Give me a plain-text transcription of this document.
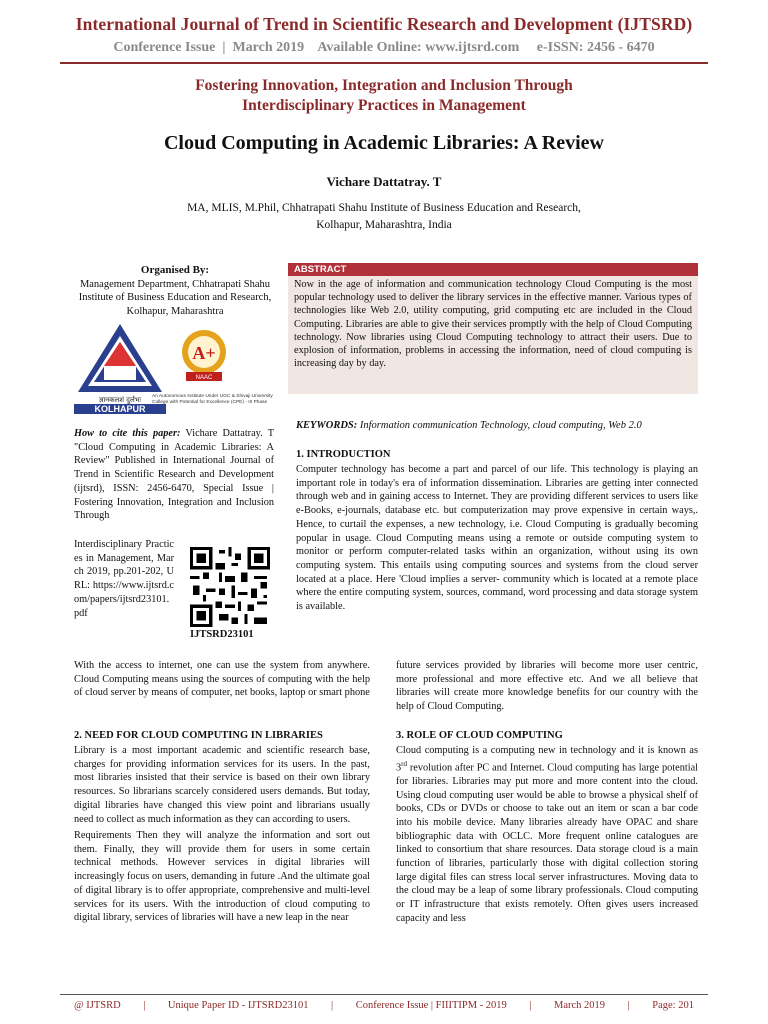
International Journal of Trend in Scientific Research and Development (IJTSRD)
Conference Issue  |  March 2019    Available Online: www.ijtsrd.com     e-ISSN: 2456 - 6470
Fostering Innovation, Integration and Inclusion Through
Interdisciplinary Practices in Management
Cloud Computing in Academic Libraries: A Review
Vichare Dattatray. T
MA, MLIS, M.Phil, Chhatrapati Shahu Institute of Business Education and Research,
Kolhapur, Maharashtra, India
Organised By:
Management Department, Chhatrapati Shahu Institute of Business Education and Research, Kolhapur, Maharashtra
ज्ञानकलशं दुर्लभः
KOLHAPUR
A+
NAAC
An Autonomous Institute Under UGC & Shivaji University College with Potential for Excellence (CPE) - III Phase
ABSTRACT
Now in the age of information and communication technology Cloud Computing is the most popular technology used to deliver the library services in the effective manner. Various types of technologies like Web 2.0, utility computing, grid computing etc are included in the Cloud Computing. Libraries are able to give their services promptly with the help of Cloud Computing technology. Now libraries using Cloud Computing technology to attract their users. Due to explosion of information, problems in accessing the information, need of cloud computing is increasing day by day.
KEYWORDS: Information communication Technology, cloud computing, Web 2.0
1. INTRODUCTION
Computer technology has become a part and parcel of our life. This technology is playing an important role in today's era of information dissemination. Libraries are getting inter connected through web and in gaining access to Internet. They are providing different services to users like e-Books, e-journals, database etc. but computerization may prove expensive in certain ways,. Hence, to curtail the expenses, a new technology, i.e. Cloud Computing is gradually becoming popular in usage. Cloud Computing means using a remote or outside computing system to monitor or perform computer-related tasks within an organization, without using its own computing system. This entails using computing sources and systems from the cloud server located at a place. Here 'Cloud implies a server- community which is located at a remote place where the entire computing system, sources, command, word processing and data storage system is available.
How to cite this paper: Vichare Dattatray. T "Cloud Computing in Academic Libraries: A Review" Published in International Journal of Trend in Scientific Research and Development (ijtsrd), ISSN: 2456-6470, Special Issue | Fostering Innovation, Integration and Inclusion Through
Interdisciplinary Practices in Management, March 2019, pp.201-202, URL: https://www.ijtsrd.com/papers/ijtsrd23101.pdf
IJTSRD23101
With the access to internet, one can use the system from anywhere. Cloud Computing means using the sources of computing with the help of cloud server by means of computer, net books, laptop or smart phone
future services provided by libraries will become more user centric, more professional and more effective etc. And we all believe that libraries will create more knowledge benefits for our country with the help of Cloud Computing.
2. NEED FOR CLOUD COMPUTING IN LIBRARIES
Library is a most important academic and scientific research base, charges for providing information services for its users. In the past, most libraries insisted that their service is based on their own library resources. So librarians scarcely considered users demands. But today, digital libraries have changed this view point and librarians usually need to collect as much information as they can according to users.
Requirements Then they will analyze the information and sort out them. Finally, they will provide them for users in some certain technical methods. However services in digital libraries will increasingly focus on users, demanding in future .And the ultimate goal of digital library is to offer appropriate, comprehensive and multi-level services for its users. With the introduction of cloud computing to digital library, services of libraries will have a new leap in the near
3. ROLE OF CLOUD COMPUTING
Cloud computing is a computing new in technology and it is known as 3rd revolution after PC and Internet. Cloud computing has large potential for libraries. Libraries may put more and more content into the cloud. Using cloud computing user would be able to browse a physical shelf of books, CDs or DVDs or choose to take out an item or scan a bar code into his mobile device. Many libraries already have OPAC and share bibliographic data with OCLC. More frequent online catalogues are linked to consortium that share resources. Data storage cloud is a main function of libraries, particularly those with digital collection storing large digital files can stress local server infrastructures. Moving data to the cloud may be a leap of some library professionals. Cloud computing or IT infrastructure that exists remotely. Often gives users increased capacity and less
@ IJTSRD | Unique Paper ID - IJTSRD23101 | Conference Issue | FIIITIPM - 2019 | March 2019 | Page: 201
